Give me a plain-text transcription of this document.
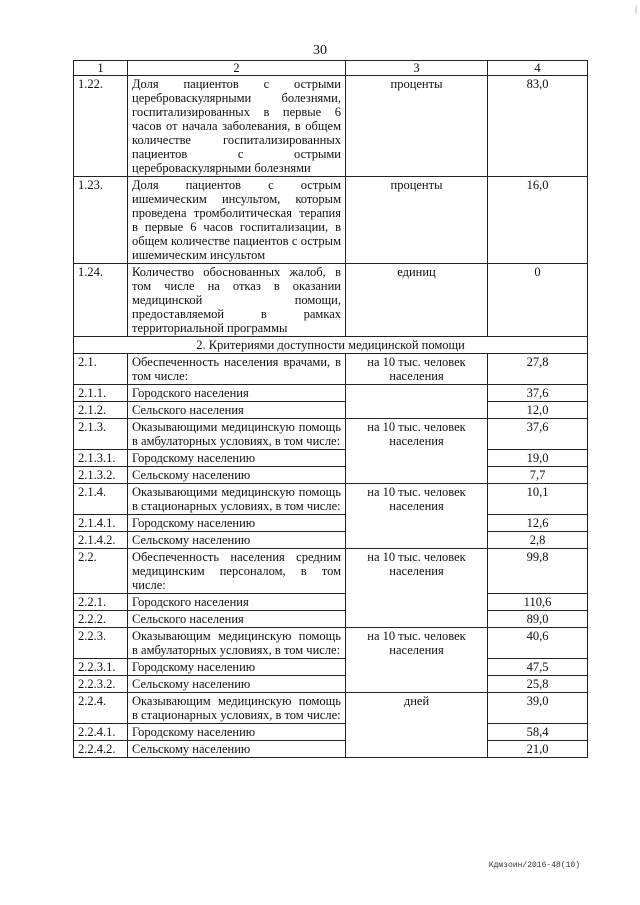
(
30
1	2	3	4
1.22.	Доля пациентов с острыми цереброваскулярными болезнями, госпитализированных в первые 6 часов от начала заболевания, в общем количестве госпитализированных пациентов с острыми цереброваскулярными болезнями	проценты	83,0
1.23.	Доля пациентов с острым ишемическим инсультом, которым проведена тромболитическая терапия в первые 6 часов госпитализации, в общем количестве пациентов с острым ишемическим инсультом	проценты	16,0
1.24.	Количество обоснованных жалоб, в том числе на отказ в оказании медицинской помощи, предоставляемой в рамках территориальной программы	единиц	0
2. Критериями доступности медицинской помощи			
2.1.	Обеспеченность населения врачами, в том числе:	на 10 тыс. человек населения	27,8
2.1.1.	Городского населения		37,6
2.1.2.	Сельского населения		12,0
2.1.3.	Оказывающими медицинскую помощь в амбулаторных условиях, в том числе:	на 10 тыс. человек населения	37,6
2.1.3.1.	Городскому населению		19,0
2.1.3.2.	Сельскому населению		7,7
2.1.4.	Оказывающими медицинскую помощь в стационарных условиях, в том числе:	на 10 тыс. человек населения	10,1
2.1.4.1.	Городскому населению		12,6
2.1.4.2.	Сельскому населению		2,8
2.2.	Обеспеченность населения средним медицинским персоналом, в том числе:	на 10 тыс. человек населения	99,8
2.2.1.	Городского населения		110,6
2.2.2.	Сельского населения		89,0
2.2.3.	Оказывающим медицинскую помощь в амбулаторных условиях, в том числе:	на 10 тыс. человек населения	40,6
2.2.3.1.	Городскому населению		47,5
2.2.3.2.	Сельскому населению		25,8
2.2.4.	Оказывающим медицинскую помощь в стационарных условиях, в том числе:	дней	39,0
2.2.4.1.	Городскому населению		58,4
2.2.4.2.	Сельскому населению		21,0
Кдмзоин/2016-48(10)
